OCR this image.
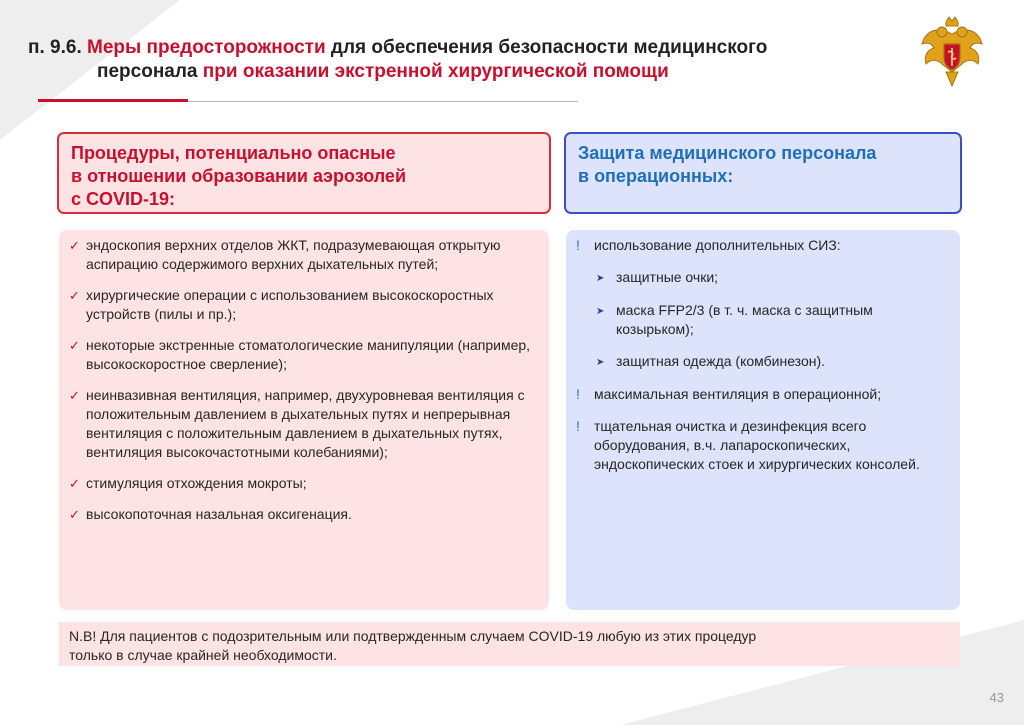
п. 9.6. Меры предосторожности для обеспечения безопасности медицинского
персонала при оказании экстренной хирургической помощи
Процедуры, потенциально опасные
в отношении образовании аэрозолей
с COVID-19:
Защита медицинского персонала
в операционных:
✓ эндоскопия верхних отделов ЖКТ, подразумевающая открытую аспирацию содержимого верхних дыхательных путей;
✓ хирургические операции с использованием высокоскоростных устройств (пилы и пр.);
✓ некоторые экстренные стоматологические манипуляции (например, высокоскоростное сверление);
✓ неинвазивная вентиляция, например, двухуровневая вентиляция с положительным давлением в дыхательных путях и непрерывная вентиляция с положительным давлением в дыхательных путях, вентиляция высокочастотными колебаниями);
✓ стимуляция отхождения мокроты;
✓ высокопоточная назальная оксигенация.
!	использование дополнительных СИЗ:
➤ защитные очки;
➤ маска FFP2/3 (в т. ч. маска с защитным козырьком);
➤ защитная одежда (комбинезон).
!	максимальная вентиляция в операционной;
!	тщательная очистка и дезинфекция всего оборудования, в.ч. лапароскопических, эндоскопических стоек и хирургических консолей.
N.B! Для пациентов с подозрительным или подтвержденным случаем COVID-19 любую из этих процедур
только в случае крайней необходимости.
43
